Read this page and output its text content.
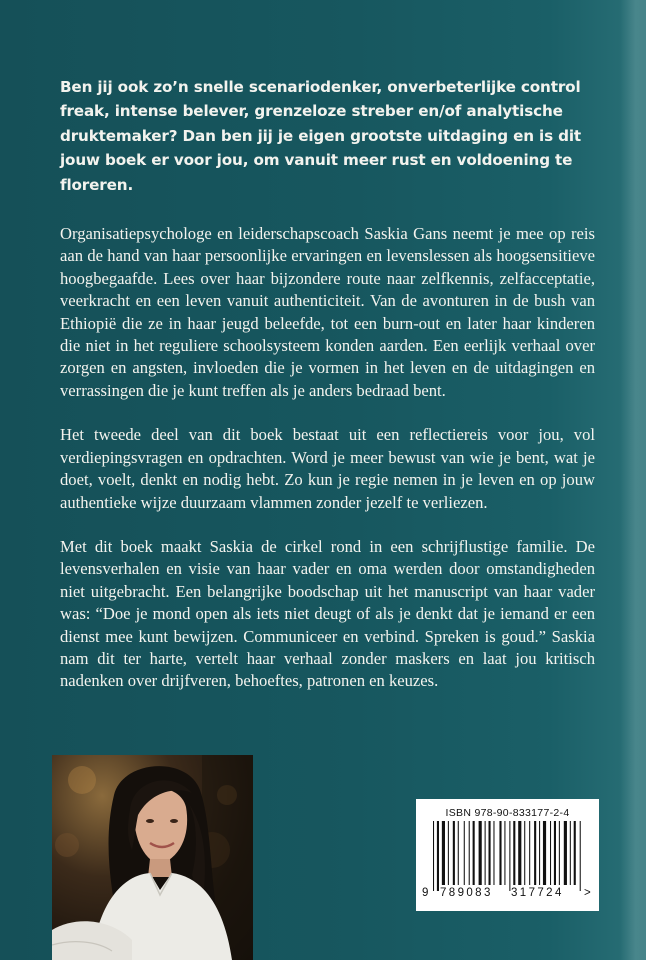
Ben jij ook zo’n snelle scenariodenker, onverbeterlijke control freak, intense belever, grenzeloze streber en/of analytische druktemaker? Dan ben jij je eigen grootste uitdaging en is dit jouw boek er voor jou, om vanuit meer rust en voldoening te floreren.

Organisatiepsychologe en leiderschapscoach Saskia Gans neemt je mee op reis aan de hand van haar persoonlijke ervaringen en levenslessen als hoogsensitieve hoogbegaafde. Lees over haar bijzondere route naar zelfkennis, zelfacceptatie, veerkracht en een leven vanuit authenticiteit. Van de avonturen in de bush van Ethiopië die ze in haar jeugd beleefde, tot een burn-out en later haar kinderen die niet in het reguliere schoolsysteem konden aarden. Een eerlijk verhaal over zorgen en angsten, invloeden die je vormen in het leven en de uitdagingen en verrassingen die je kunt treffen als je anders bedraad bent.

Het tweede deel van dit boek bestaat uit een reflectiereis voor jou, vol verdiepingsvragen en opdrachten. Word je meer bewust van wie je bent, wat je doet, voelt, denkt en nodig hebt. Zo kun je regie nemen in je leven en op jouw authentieke wijze duurzaam vlammen zonder jezelf te verliezen.

Met dit boek maakt Saskia de cirkel rond in een schrijflustige familie. De levensverhalen en visie van haar vader en oma werden door omstandigheden niet uitgebracht. Een belangrijke boodschap uit het manuscript van haar vader was: “Doe je mond open als iets niet deugt of als je denkt dat je iemand er een dienst mee kunt bewijzen. Communiceer en verbind. Spreken is goud.” Saskia nam dit ter harte, vertelt haar verhaal zonder maskers en laat jou kritisch nadenken over drijfveren, behoeftes, patronen en keuzes.

ISBN 978-90-833177-2-4
9 789083 317724 >
